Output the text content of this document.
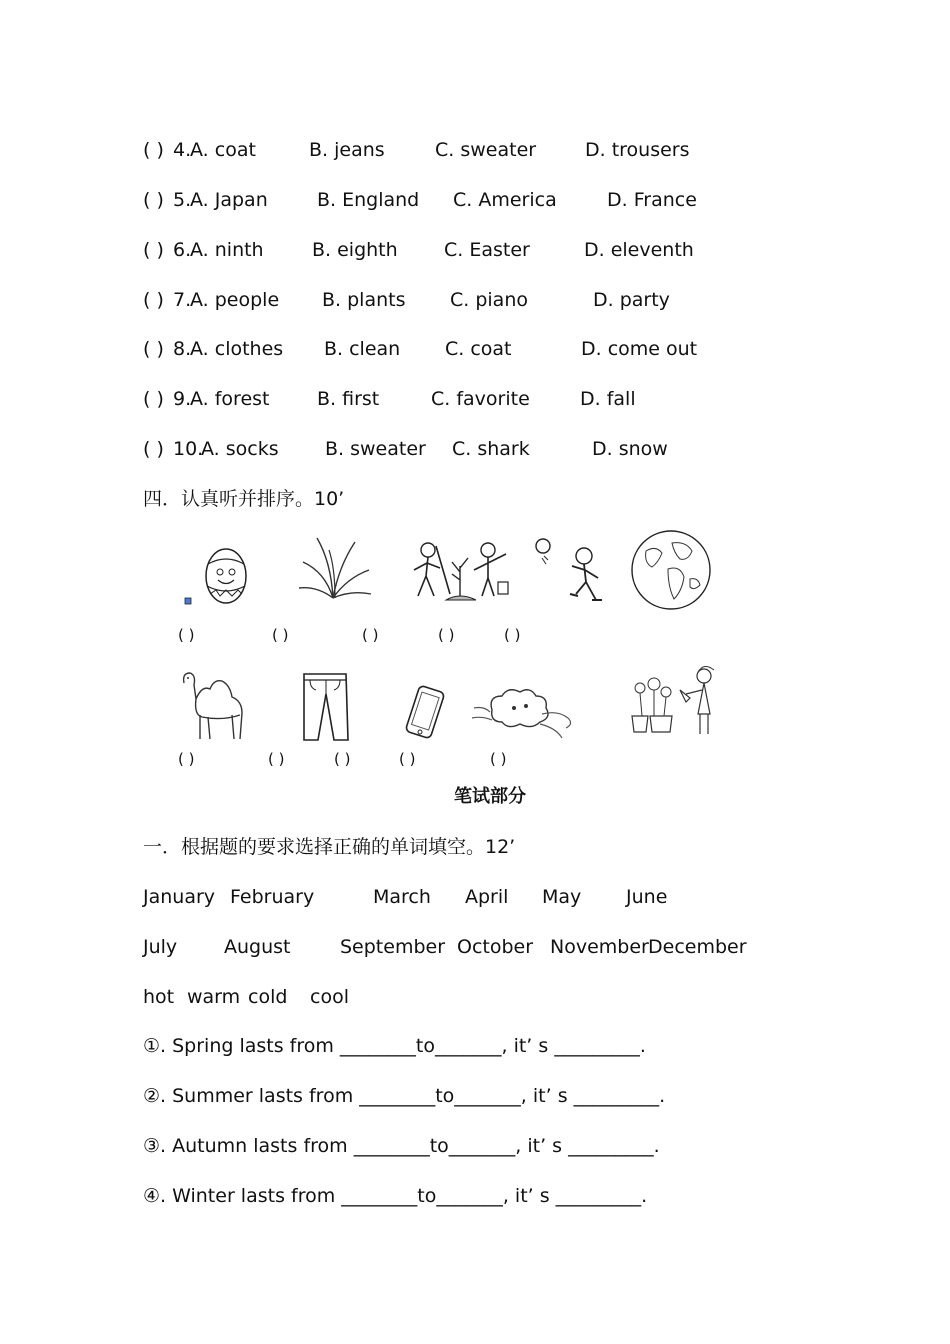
( ) 4.
A. coat	B. jeans	C. sweater	D. trousers
( ) 5.
A. Japan	B. England C. America	D. France
( ) 6.
A. ninth	B. eighth C. Easter	D. eleventh
( ) 7.
A. people B. plants C. piano	D. party
( ) 8.
A. clothes B. clean C. coat	D. come out
( ) 9.
A. forest	B. first	C. favorite	D. fall
( ) 10.
A. socks B. sweater C. shark	D. snow
四．认真听并排序。10’
( )	( )	( )	( )	( )
( )	( )	( )	( )	( )
笔试部分
一．根据题的要求选择正确的单词填空。12’
January February	March April May June
July August	September October November December
hot warm cold cool
①. Spring lasts from ________to_______, it’ s _________.
②. Summer lasts from ________to_______, it’ s _________.
③. Autumn lasts from ________to_______, it’ s _________.
④. Winter lasts from ________to_______, it’ s _________.
